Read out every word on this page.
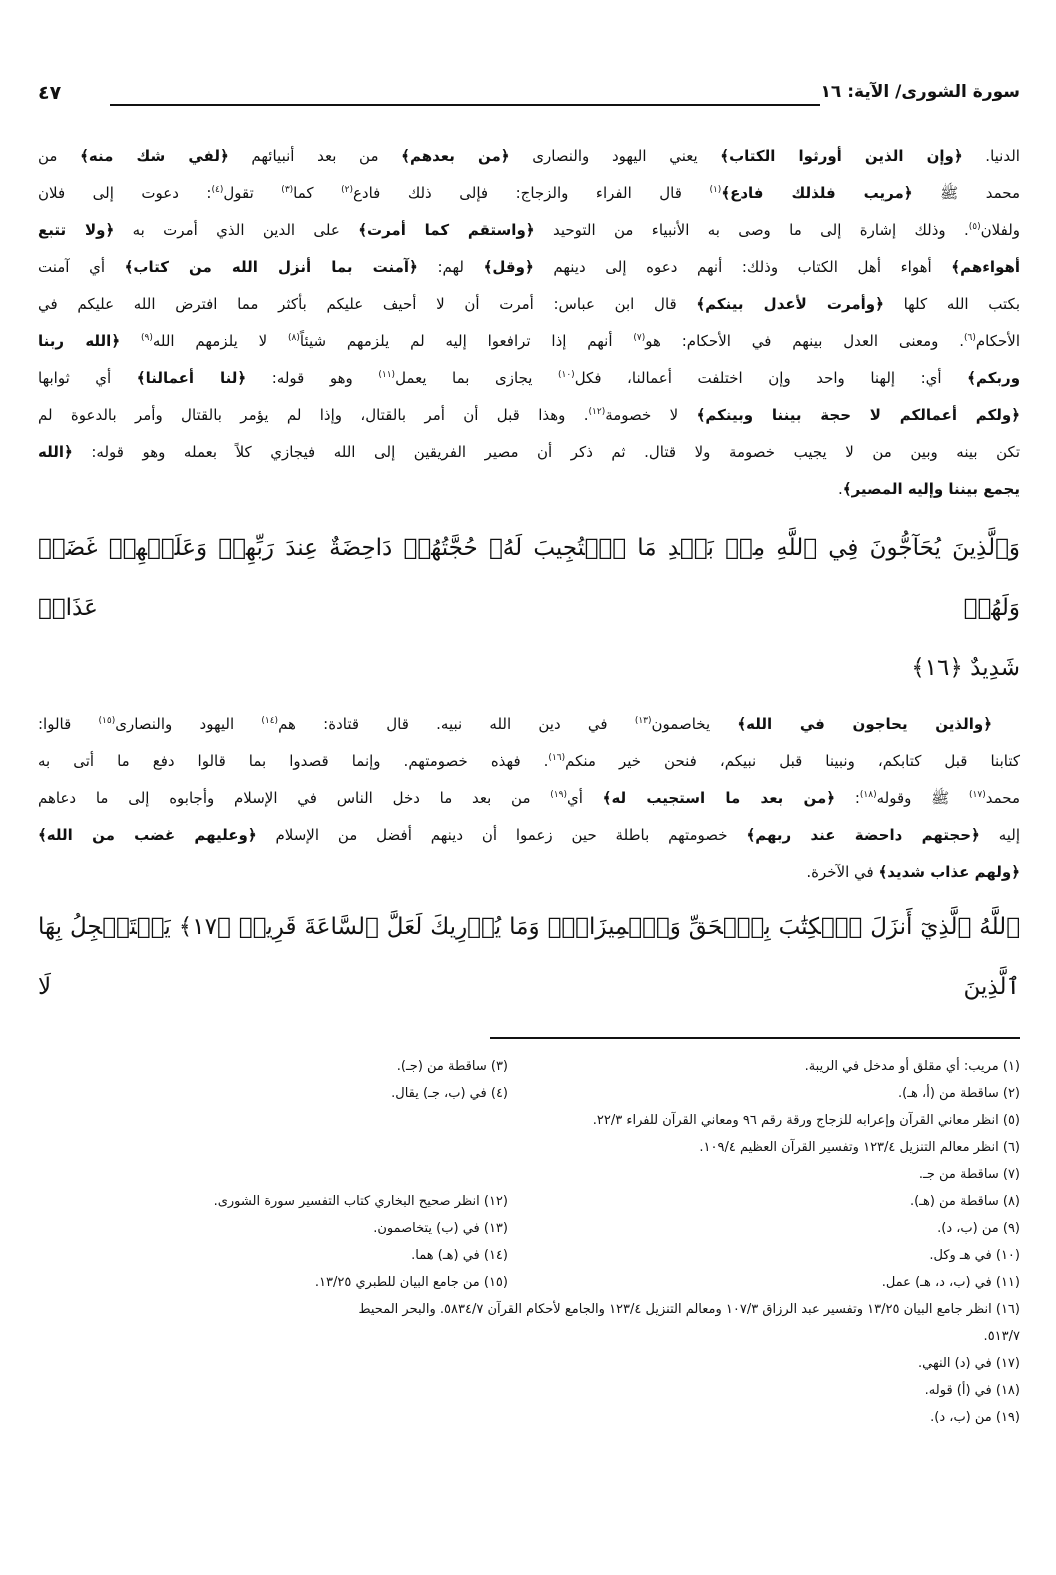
سورة الشورى/ الآية: ١٦
٤٧
الدنيا. ﴿وإن الذين أورثوا الكتاب﴾ يعني اليهود والنصارى ﴿من بعدهم﴾ من بعد أنبيائهم ﴿لفي شك منه﴾ من
محمد ﷺ ﴿مريب فلذلك فادع﴾$^{(١)}$ قال الفراء والزجاج: فإلى ذلك فادع$^{(٢)}$ كما$^{(٣)}$ تقول$^{(٤)}$: دعوت إلى فلان
ولفلان$^{(٥)}$. وذلك إشارة إلى ما وصى به الأنبياء من التوحيد ﴿واستقم كما أمرت﴾ على الدين الذي أمرت به ﴿ولا تتبع
أهواءهم﴾ أهواء أهل الكتاب وذلك: أنهم دعوه إلى دينهم ﴿وقل﴾ لهم: ﴿آمنت بما أنزل الله من كتاب﴾ أي آمنت
بكتب الله كلها ﴿وأمرت لأعدل بينكم﴾ قال ابن عباس: أمرت أن لا أحيف عليكم بأكثر مما افترض الله عليكم في
الأحكام$^{(٦)}$. ومعنى العدل بينهم في الأحكام: هو$^{(٧)}$ أنهم إذا ترافعوا إليه لم يلزمهم شيئاً$^{(٨)}$ لا يلزمهم الله$^{(٩)}$ ﴿الله ربنا
وربكم﴾ أي: إلهنا واحد وإن اختلفت أعمالنا، فكل$^{(١٠)}$ يجازى بما يعمل$^{(١١)}$ وهو قوله: ﴿لنا أعمالنا﴾ أي ثوابها
﴿ولكم أعمالكم لا حجة بيننا وبينكم﴾ لا خصومة$^{(١٢)}$. وهذا قبل أن أمر بالقتال، وإذا لم يؤمر بالقتال وأمر بالدعوة لم
تكن بينه وبين من لا يجيب خصومة ولا قتال. ثم ذكر أن مصير الفريقين إلى الله فيجازي كلاً بعمله وهو قوله: ﴿الله
يجمع بيننا وإليه المصير﴾.
وَٱلَّذِينَ يُحَآجُّونَ فِي ٱللَّهِ مِنۢ بَعۡدِ مَا ٱسۡتُجِيبَ لَهُۥ حُجَّتُهُمۡ دَاحِضَةٌ عِندَ رَبِّهِمۡ وَعَلَيۡهِمۡ غَضَبٞ وَلَهُمۡ عَذَابٞ
شَدِيدٌ ﴿١٦﴾
﴿والذين يحاجون في الله﴾ يخاصمون$^{(١٣)}$ في دين الله نبيه. قال قتادة: هم$^{(١٤)}$ اليهود والنصارى$^{(١٥)}$ قالوا:
كتابنا قبل كتابكم، ونبينا قبل نبيكم، فنحن خير منكم$^{(١٦)}$. فهذه خصومتهم. وإنما قصدوا بما قالوا دفع ما أتى به
محمد$^{(١٧)}$ ﷺ وقوله$^{(١٨)}$: ﴿من بعد ما استجيب له﴾ أي$^{(١٩)}$ من بعد ما دخل الناس في الإسلام وأجابوه إلى ما دعاهم
إليه ﴿حجتهم داحضة عند ربهم﴾ خصومتهم باطلة حين زعموا أن دينهم أفضل من الإسلام ﴿وعليهم غضب من الله﴾
﴿ولهم عذاب شديد﴾ في الآخرة.
ٱللَّهُ ٱلَّذِيٓ أَنزَلَ ٱلۡكِتَٰبَ بِٱلۡحَقِّ وَٱلۡمِيزَانَۗ وَمَا يُدۡرِيكَ لَعَلَّ ٱلسَّاعَةَ قَرِيبٞ ﴿١٧﴾ يَسۡتَعۡجِلُ بِهَا ٱلَّذِينَ لَا
(١) مريب: أي مقلق أو مدخل في الريبة.
(٣) ساقطة من (جـ).
(٢) ساقطة من (أ، هـ).
(٤) في (ب، جـ) يقال.
(٥) انظر معاني القرآن وإعرابه للزجاج ورقة رقم ٩٦ ومعاني القرآن للفراء ٢٢/٣.
(٦) انظر معالم التنزيل ١٢٣/٤ وتفسير القرآن العظيم ١٠٩/٤.
(٧) ساقطة من جـ.
(٨) ساقطة من (هـ).
(١٢) انظر صحيح البخاري كتاب التفسير سورة الشورى.
(٩) من (ب، د).
(١٣) في (ب) يتخاصمون.
(١٠) في هـ وكل.
(١٤) في (هـ) هما.
(١١) في (ب، د، هـ) عمل.
(١٥) من جامع البيان للطبري ١٣/٢٥.
(١٦) انظر جامع البيان ١٣/٢٥ وتفسير عبد الرزاق ١٠٧/٣ ومعالم التنزيل ١٢٣/٤ والجامع لأحكام القرآن ٥٨٣٤/٧. والبحر المحيط
٥١٣/٧.
(١٧) في (د) النهي.
(١٨) في (أ) قوله.
(١٩) من (ب، د).
